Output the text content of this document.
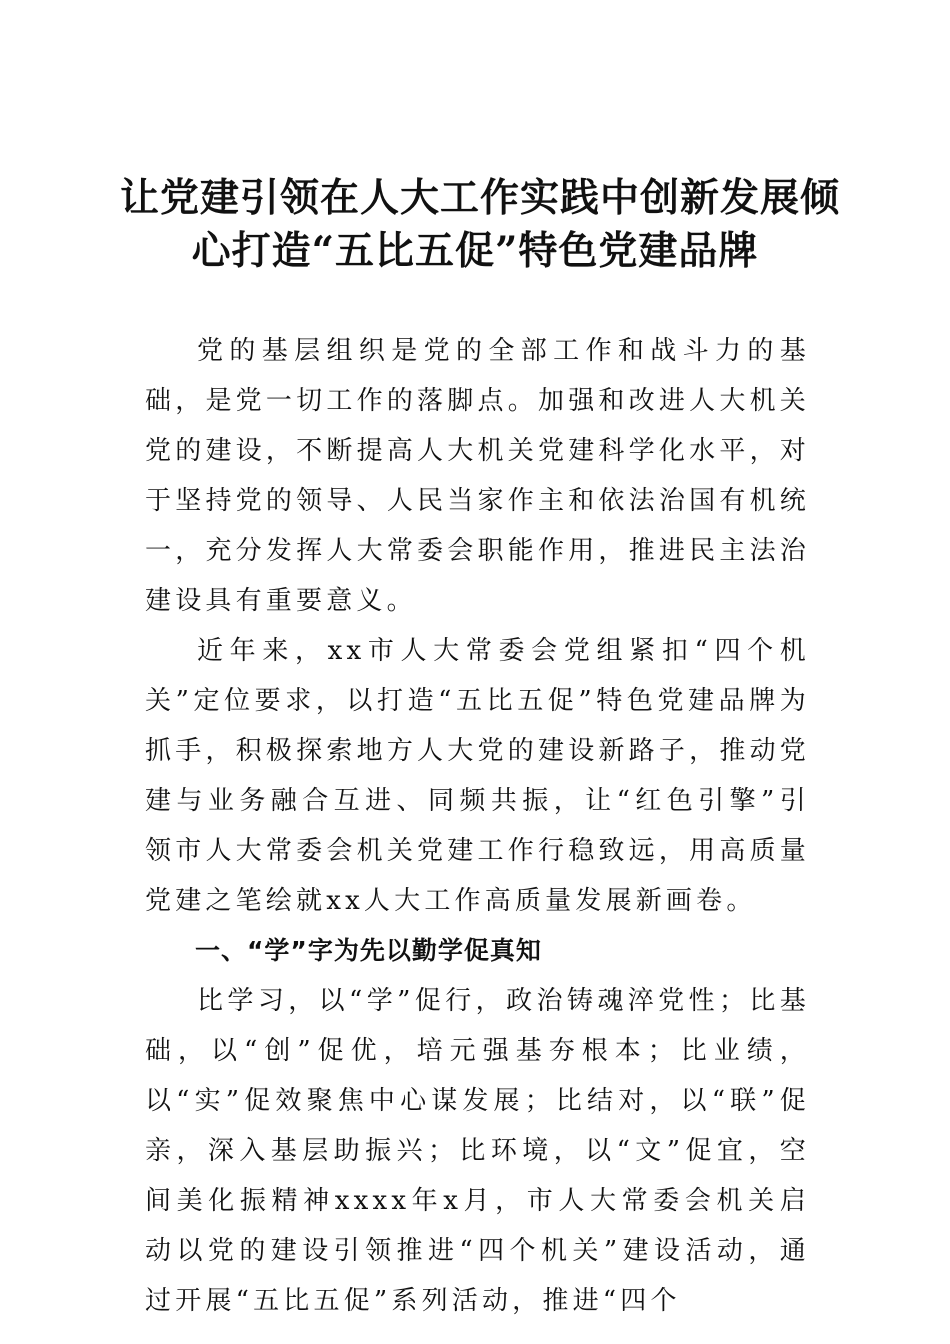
让党建引领在人大工作实践中创新发展倾
心打造“五比五促”特色党建品牌

党的基层组织是党的全部工作和战斗力的基础，是党一切工作的落脚点。加强和改进人大机关党的建设，不断提高人大机关党建科学化水平，对于坚持党的领导、人民当家作主和依法治国有机统一，充分发挥人大常委会职能作用，推进民主法治建设具有重要意义。

近年来，xx市人大常委会党组紧扣“四个机关”定位要求，以打造“五比五促”特色党建品牌为抓手，积极探索地方人大党的建设新路子，推动党建与业务融合互进、同频共振，让“红色引擎”引领市人大常委会机关党建工作行稳致远，用高质量党建之笔绘就xx人大工作高质量发展新画卷。

一、“学”字为先以勤学促真知

比学习，以“学”促行，政治铸魂淬党性；比基础，以“创”促优，培元强基夯根本；比业绩，以“实”促效聚焦中心谋发展；比结对，以“联”促亲，深入基层助振兴；比环境，以“文”促宜，空间美化振精神xxxx年x月，市人大常委会机关启动以党的建设引领推进“四个机关”建设活动，通过开展“五比五促”系列活动，推进“四个
